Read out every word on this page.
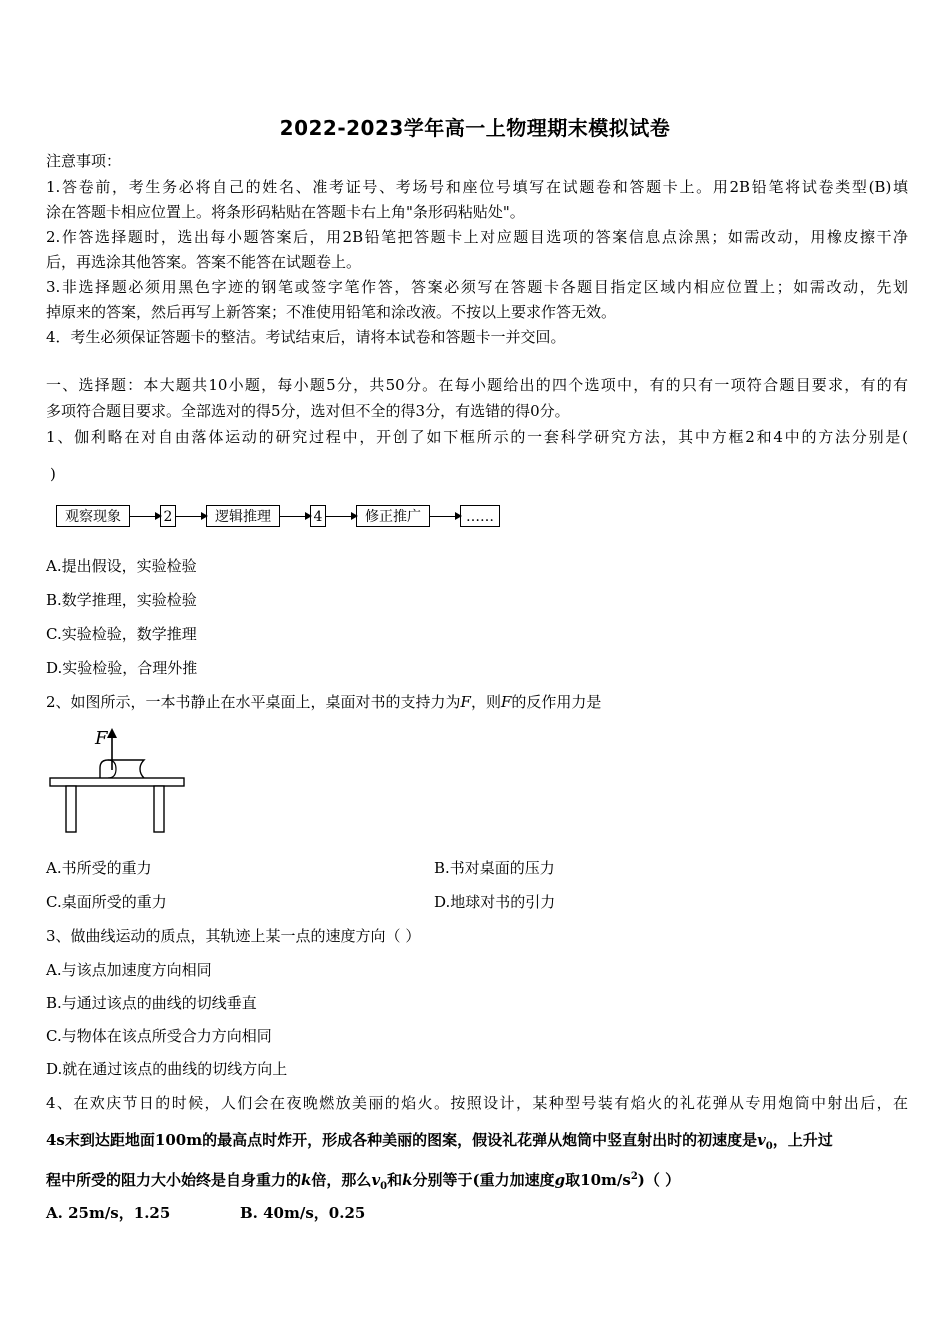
2022-2023学年高一上物理期末模拟试卷
注意事项：
1.答卷前，考生务必将自己的姓名、准考证号、考场号和座位号填写在试题卷和答题卡上。用2B铅笔将试卷类型(B)填
涂在答题卡相应位置上。将条形码粘贴在答题卡右上角"条形码粘贴处"。
2.作答选择题时，选出每小题答案后，用2B铅笔把答题卡上对应题目选项的答案信息点涂黑；如需改动，用橡皮擦干净
后，再选涂其他答案。答案不能答在试题卷上。
3.非选择题必须用黑色字迹的钢笔或签字笔作答，答案必须写在答题卡各题目指定区域内相应位置上；如需改动，先划
掉原来的答案，然后再写上新答案；不准使用铅笔和涂改液。不按以上要求作答无效。
4．考生必须保证答题卡的整洁。考试结束后，请将本试卷和答题卡一并交回。
一、选择题：本大题共10小题，每小题5分，共50分。在每小题给出的四个选项中，有的只有一项符合题目要求，有的有
多项符合题目要求。全部选对的得5分，选对但不全的得3分，有选错的得0分。
1、伽利略在对自由落体运动的研究过程中，开创了如下框所示的一套科学研究方法，其中方框2和4中的方法分别是(
)
观察现象	2	逻辑推理	4	修正推广	……
A.提出假设，实验检验
B.数学推理，实验检验
C.实验检验，数学推理
D.实验检验，合理外推
2、如图所示，一本书静止在水平桌面上，桌面对书的支持力为F，则F的反作用力是
F
A.书所受的重力	B.书对桌面的压力
C.桌面所受的重力	D.地球对书的引力
3、做曲线运动的质点，其轨迹上某一点的速度方向（ ）
A.与该点加速度方向相同
B.与通过该点的曲线的切线垂直
C.与物体在该点所受合力方向相同
D.就在通过该点的曲线的切线方向上
4、在欢庆节日的时候，人们会在夜晚燃放美丽的焰火。按照设计，某种型号装有焰火的礼花弹从专用炮筒中射出后，在
4s末到达距地面100m的最高点时炸开，形成各种美丽的图案，假设礼花弹从炮筒中竖直射出时的初速度是$v_0$，上升过
程中所受的阻力大小始终是自身重力的k倍，那么$v_0$和k分别等于(重力加速度g取$10m/s^2$)（ ）
A. 25m/s，1.25	B. 40m/s，0.25
